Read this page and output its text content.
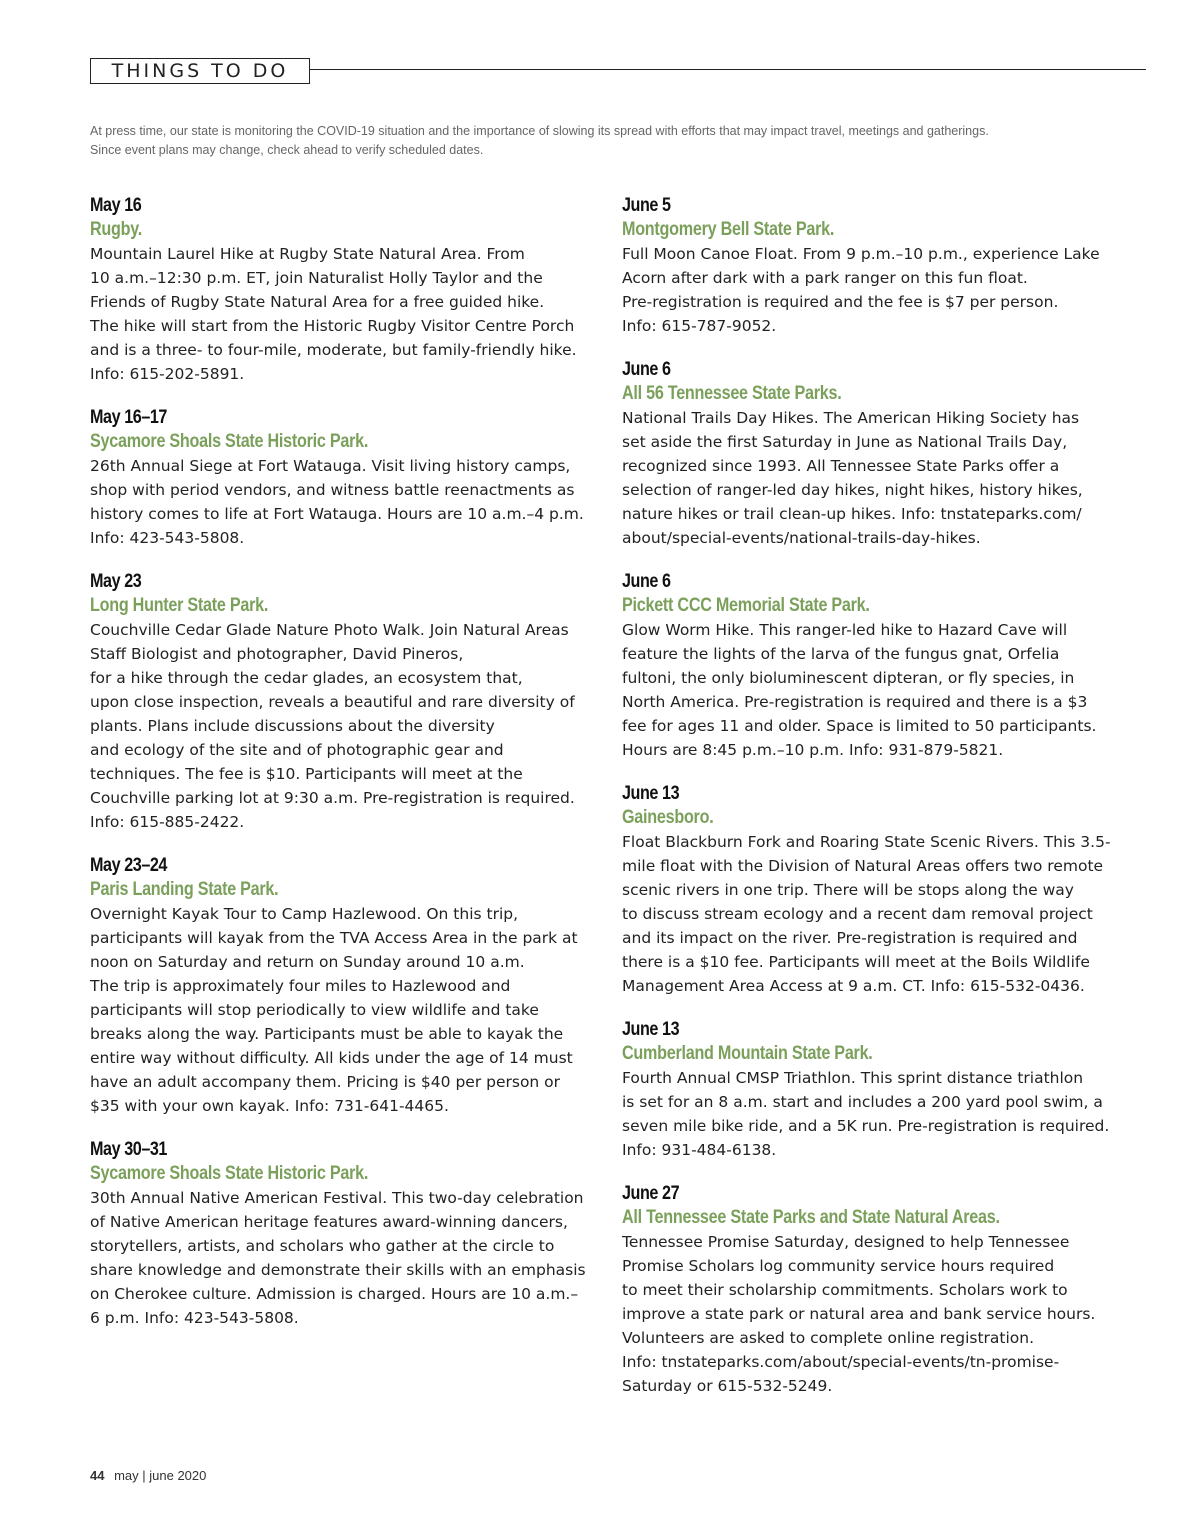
THINGS TO DO

At press time, our state is monitoring the COVID-19 situation and the importance of slowing its spread with efforts that may impact travel, meetings and gatherings.

Since event plans may change, check ahead to verify scheduled dates.

May 16
Rugby.

Mountain Laurel Hike at Rugby State Natural Area. From

10 a.m.–12:30 p.m. ET, join Naturalist Holly Taylor and the

Friends of Rugby State Natural Area for a free guided hike.

The hike will start from the Historic Rugby Visitor Centre Porch

and is a three- to four-mile, moderate, but family-friendly hike.

Info: 615-202-5891.

May 16–17
Sycamore Shoals State Historic Park.

26th Annual Siege at Fort Watauga. Visit living history camps,

shop with period vendors, and witness battle reenactments as

history comes to life at Fort Watauga. Hours are 10 a.m.–4 p.m.

Info: 423-543-5808.

May 23
Long Hunter State Park.

Couchville Cedar Glade Nature Photo Walk. Join Natural Areas

Staff Biologist and photographer, David Pineros,

for a hike through the cedar glades, an ecosystem that,

upon close inspection, reveals a beautiful and rare diversity of

plants. Plans include discussions about the diversity

and ecology of the site and of photographic gear and

techniques. The fee is $10. Participants will meet at the

Couchville parking lot at 9:30 a.m. Pre-registration is required.

Info: 615-885-2422.

May 23–24
Paris Landing State Park.

Overnight Kayak Tour to Camp Hazlewood. On this trip,

participants will kayak from the TVA Access Area in the park at

noon on Saturday and return on Sunday around 10 a.m.

The trip is approximately four miles to Hazlewood and

participants will stop periodically to view wildlife and take

breaks along the way. Participants must be able to kayak the

entire way without difficulty. All kids under the age of 14 must

have an adult accompany them. Pricing is $40 per person or

$35 with your own kayak. Info: 731-641-4465.

May 30–31
Sycamore Shoals State Historic Park.

30th Annual Native American Festival. This two-day celebration

of Native American heritage features award-winning dancers,

storytellers, artists, and scholars who gather at the circle to

share knowledge and demonstrate their skills with an emphasis

on Cherokee culture. Admission is charged. Hours are 10 a.m.–

6 p.m. Info: 423-543-5808.

June 5
Montgomery Bell State Park.

Full Moon Canoe Float. From 9 p.m.–10 p.m., experience Lake

Acorn after dark with a park ranger on this fun float.

Pre-registration is required and the fee is $7 per person.

Info: 615-787-9052.

June 6
All 56 Tennessee State Parks.

National Trails Day Hikes. The American Hiking Society has

set aside the first Saturday in June as National Trails Day,

recognized since 1993. All Tennessee State Parks offer a

selection of ranger-led day hikes, night hikes, history hikes,

nature hikes or trail clean-up hikes. Info: tnstateparks.com/

about/special-events/national-trails-day-hikes.

June 6
Pickett CCC Memorial State Park.

Glow Worm Hike. This ranger-led hike to Hazard Cave will

feature the lights of the larva of the fungus gnat, Orfelia

fultoni, the only bioluminescent dipteran, or fly species, in

North America. Pre-registration is required and there is a $3

fee for ages 11 and older. Space is limited to 50 participants.

Hours are 8:45 p.m.–10 p.m. Info: 931-879-5821.

June 13
Gainesboro.

Float Blackburn Fork and Roaring State Scenic Rivers. This 3.5-

mile float with the Division of Natural Areas offers two remote

scenic rivers in one trip. There will be stops along the way

to discuss stream ecology and a recent dam removal project

and its impact on the river. Pre-registration is required and

there is a $10 fee. Participants will meet at the Boils Wildlife

Management Area Access at 9 a.m. CT. Info: 615-532-0436.

June 13
Cumberland Mountain State Park.

Fourth Annual CMSP Triathlon. This sprint distance triathlon

is set for an 8 a.m. start and includes a 200 yard pool swim, a

seven mile bike ride, and a 5K run. Pre-registration is required.

Info: 931-484-6138.

June 27
All Tennessee State Parks and State Natural Areas.

Tennessee Promise Saturday, designed to help Tennessee

Promise Scholars log community service hours required

to meet their scholarship commitments. Scholars work to

improve a state park or natural area and bank service hours.

Volunteers are asked to complete online registration.

Info: tnstateparks.com/about/special-events/tn-promise-

Saturday or 615-532-5249.

44 may | june 2020
